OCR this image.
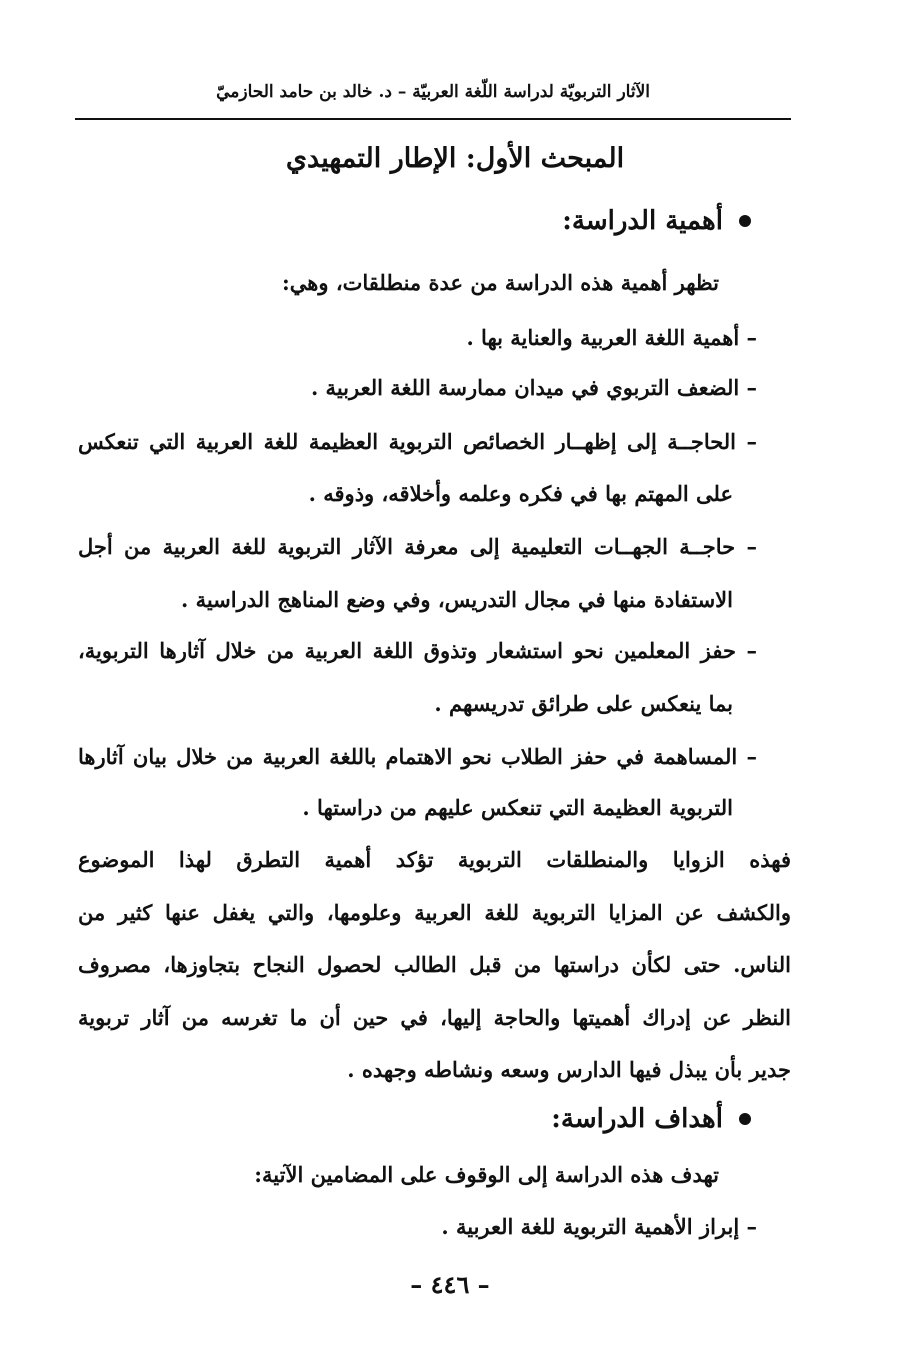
الآثار التربويّة لدراسة اللّغة العربيّة – د. خالد بن حامد الحازميّ
المبحث الأول: الإطار التمهيدي
أهمية الدراسة:
تظهر أهمية هذه الدراسة من عدة منطلقات، وهي:
– أهمية اللغة العربية والعناية بها .
– الضعف التربوي في ميدان ممارسة اللغة العربية .
– الحاجــة إلى إظهــار الخصائص التربوية العظيمة للغة العربية التي تنعكس
على المهتم بها في فكره وعلمه وأخلاقه، وذوقه .
– حاجــة الجهــات التعليمية إلى معرفة الآثار التربوية للغة العربية من أجل
الاستفادة منها في مجال التدريس، وفي وضع المناهج الدراسية .
– حفز المعلمين نحو استشعار وتذوق اللغة العربية من خلال آثارها التربوية،
بما ينعكس على طرائق تدريسهم .
– المساهمة في حفز الطلاب نحو الاهتمام باللغة العربية من خلال بيان آثارها
التربوية العظيمة التي تنعكس عليهم من دراستها .
فهذه الزوايا والمنطلقات التربوية تؤكد أهمية التطرق لهذا الموضوع
والكشف عن المزايا التربوية للغة العربية وعلومها، والتي يغفل عنها كثير من
الناس. حتى لكأن دراستها من قبل الطالب لحصول النجاح بتجاوزها، مصروف
النظر عن إدراك أهميتها والحاجة إليها، في حين أن ما تغرسه من آثار تربوية
جدير بأن يبذل فيها الدارس وسعه ونشاطه وجهده .
أهداف الدراسة:
تهدف هذه الدراسة إلى الوقوف على المضامين الآتية:
– إبراز الأهمية التربوية للغة العربية .
– ٤٤٦ –
